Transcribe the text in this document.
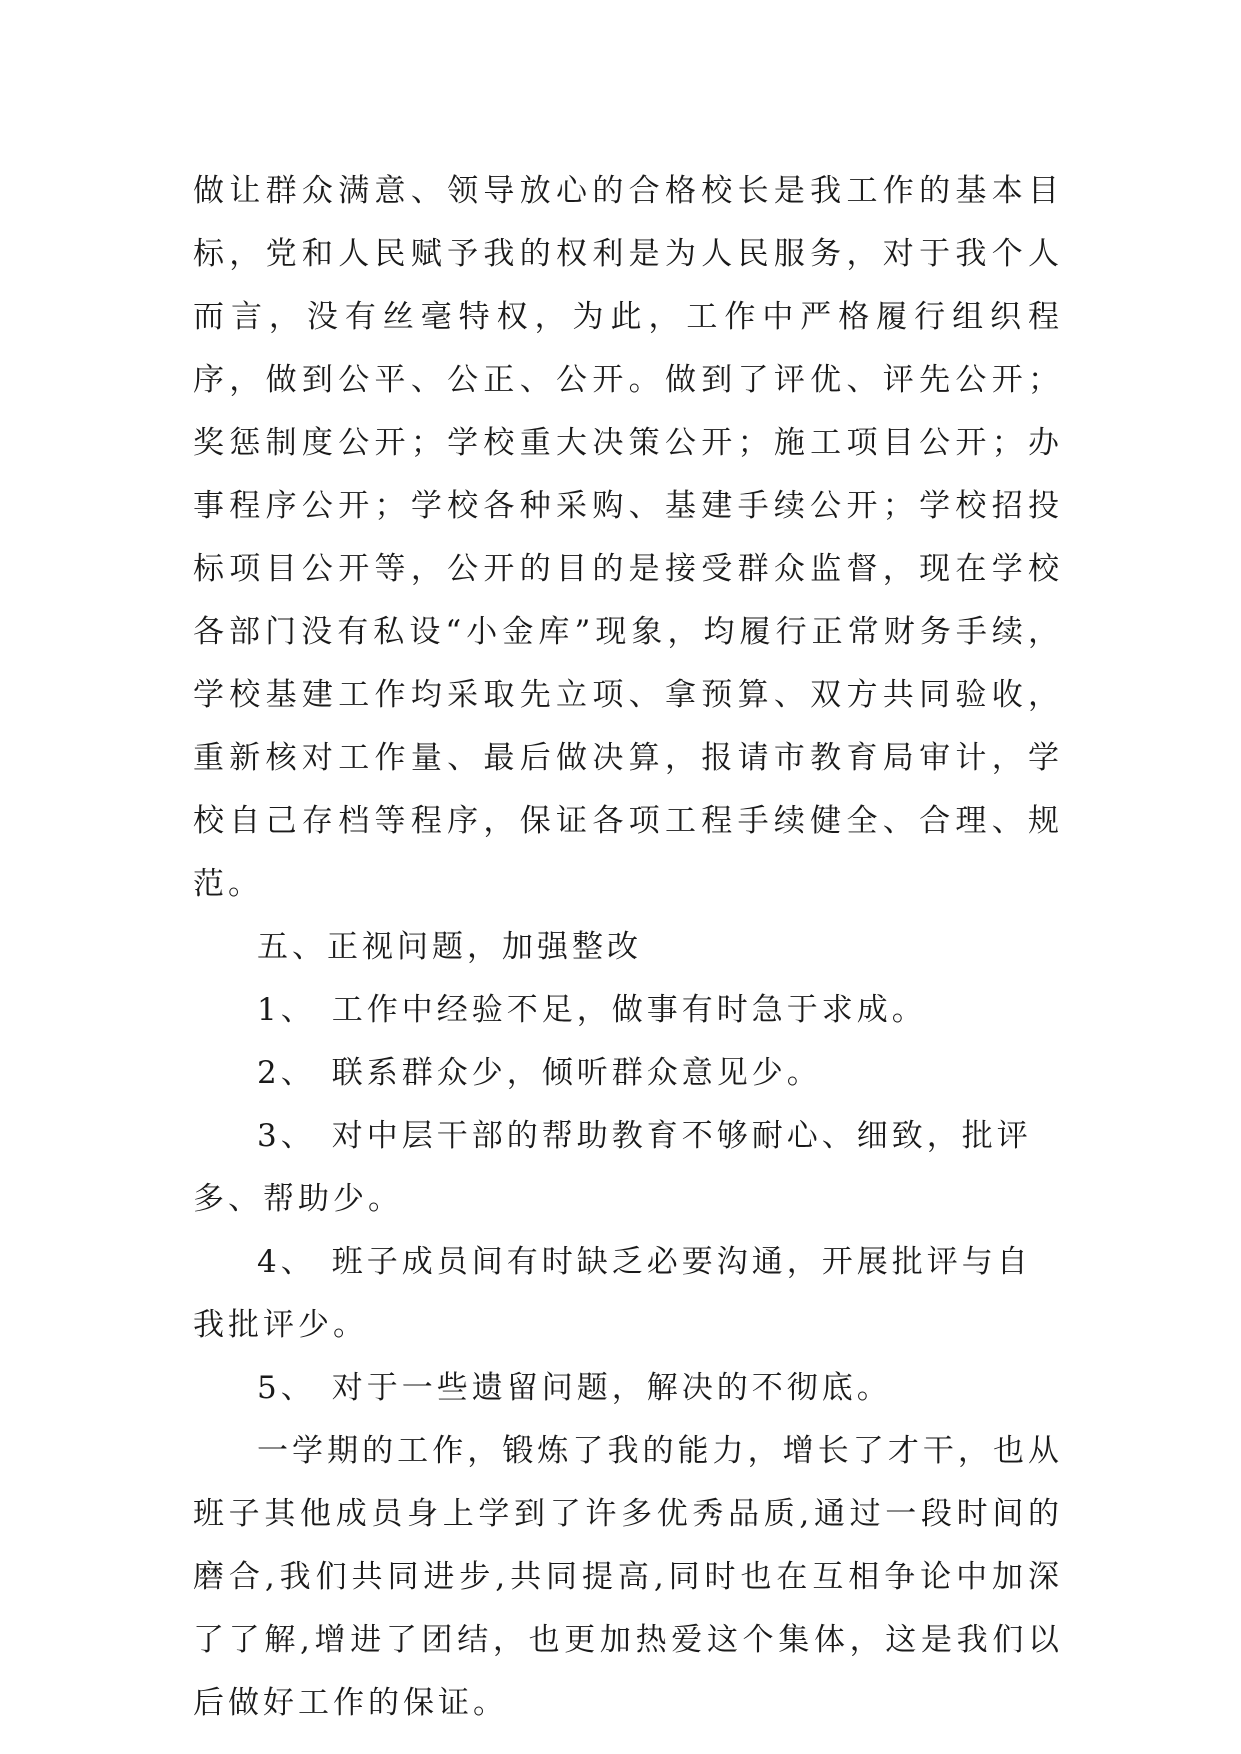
做让群众满意、领导放心的合格校长是我工作的基本目标，党和人民赋予我的权利是为人民服务，对于我个人而言，没有丝毫特权，为此，工作中严格履行组织程序，做到公平、公正、公开。做到了评优、评先公开；奖惩制度公开；学校重大决策公开；施工项目公开；办事程序公开；学校各种采购、基建手续公开；学校招投标项目公开等，公开的目的是接受群众监督，现在学校各部门没有私设“小金库”现象，均履行正常财务手续，学校基建工作均采取先立项、拿预算、双方共同验收，重新核对工作量、最后做决算，报请市教育局审计，学校自己存档等程序，保证各项工程手续健全、合理、规范。

五、正视问题，加强整改

1、 工作中经验不足，做事有时急于求成。

2、 联系群众少，倾听群众意见少。

3、 对中层干部的帮助教育不够耐心、细致，批评多、帮助少。

4、 班子成员间有时缺乏必要沟通，开展批评与自我批评少。

5、 对于一些遗留问题，解决的不彻底。

一学期的工作，锻炼了我的能力，增长了才干，也从班子其他成员身上学到了许多优秀品质,通过一段时间的磨合,我们共同进步,共同提高,同时也在互相争论中加深了了解,增进了团结，也更加热爱这个集体，这是我们以后做好工作的保证。
